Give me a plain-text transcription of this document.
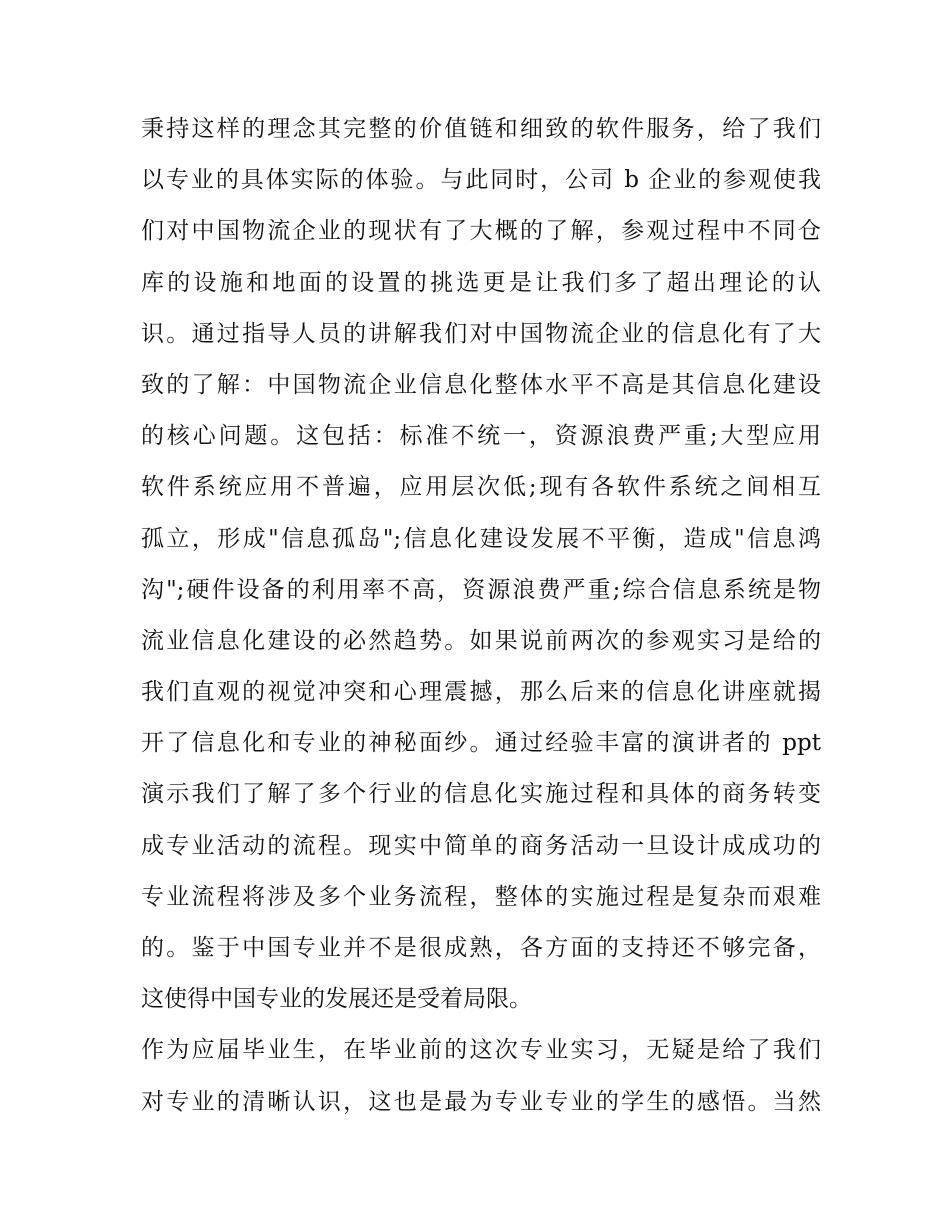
秉持这样的理念其完整的价值链和细致的软件服务，给了我们
以专业的具体实际的体验。与此同时，公司 b 企业的参观使我
们对中国物流企业的现状有了大概的了解，参观过程中不同仓
库的设施和地面的设置的挑选更是让我们多了超出理论的认
识。通过指导人员的讲解我们对中国物流企业的信息化有了大
致的了解：中国物流企业信息化整体水平不高是其信息化建设
的核心问题。这包括：标准不统一，资源浪费严重;大型应用
软件系统应用不普遍，应用层次低;现有各软件系统之间相互
孤立，形成"信息孤岛";信息化建设发展不平衡，造成"信息鸿
沟";硬件设备的利用率不高，资源浪费严重;综合信息系统是物
流业信息化建设的必然趋势。如果说前两次的参观实习是给的
我们直观的视觉冲突和心理震撼，那么后来的信息化讲座就揭
开了信息化和专业的神秘面纱。通过经验丰富的演讲者的 ppt
演示我们了解了多个行业的信息化实施过程和具体的商务转变
成专业活动的流程。现实中简单的商务活动一旦设计成成功的
专业流程将涉及多个业务流程，整体的实施过程是复杂而艰难
的。鉴于中国专业并不是很成熟，各方面的支持还不够完备，
这使得中国专业的发展还是受着局限。
作为应届毕业生，在毕业前的这次专业实习，无疑是给了我们
对专业的清晰认识，这也是最为专业专业的学生的感悟。当然
